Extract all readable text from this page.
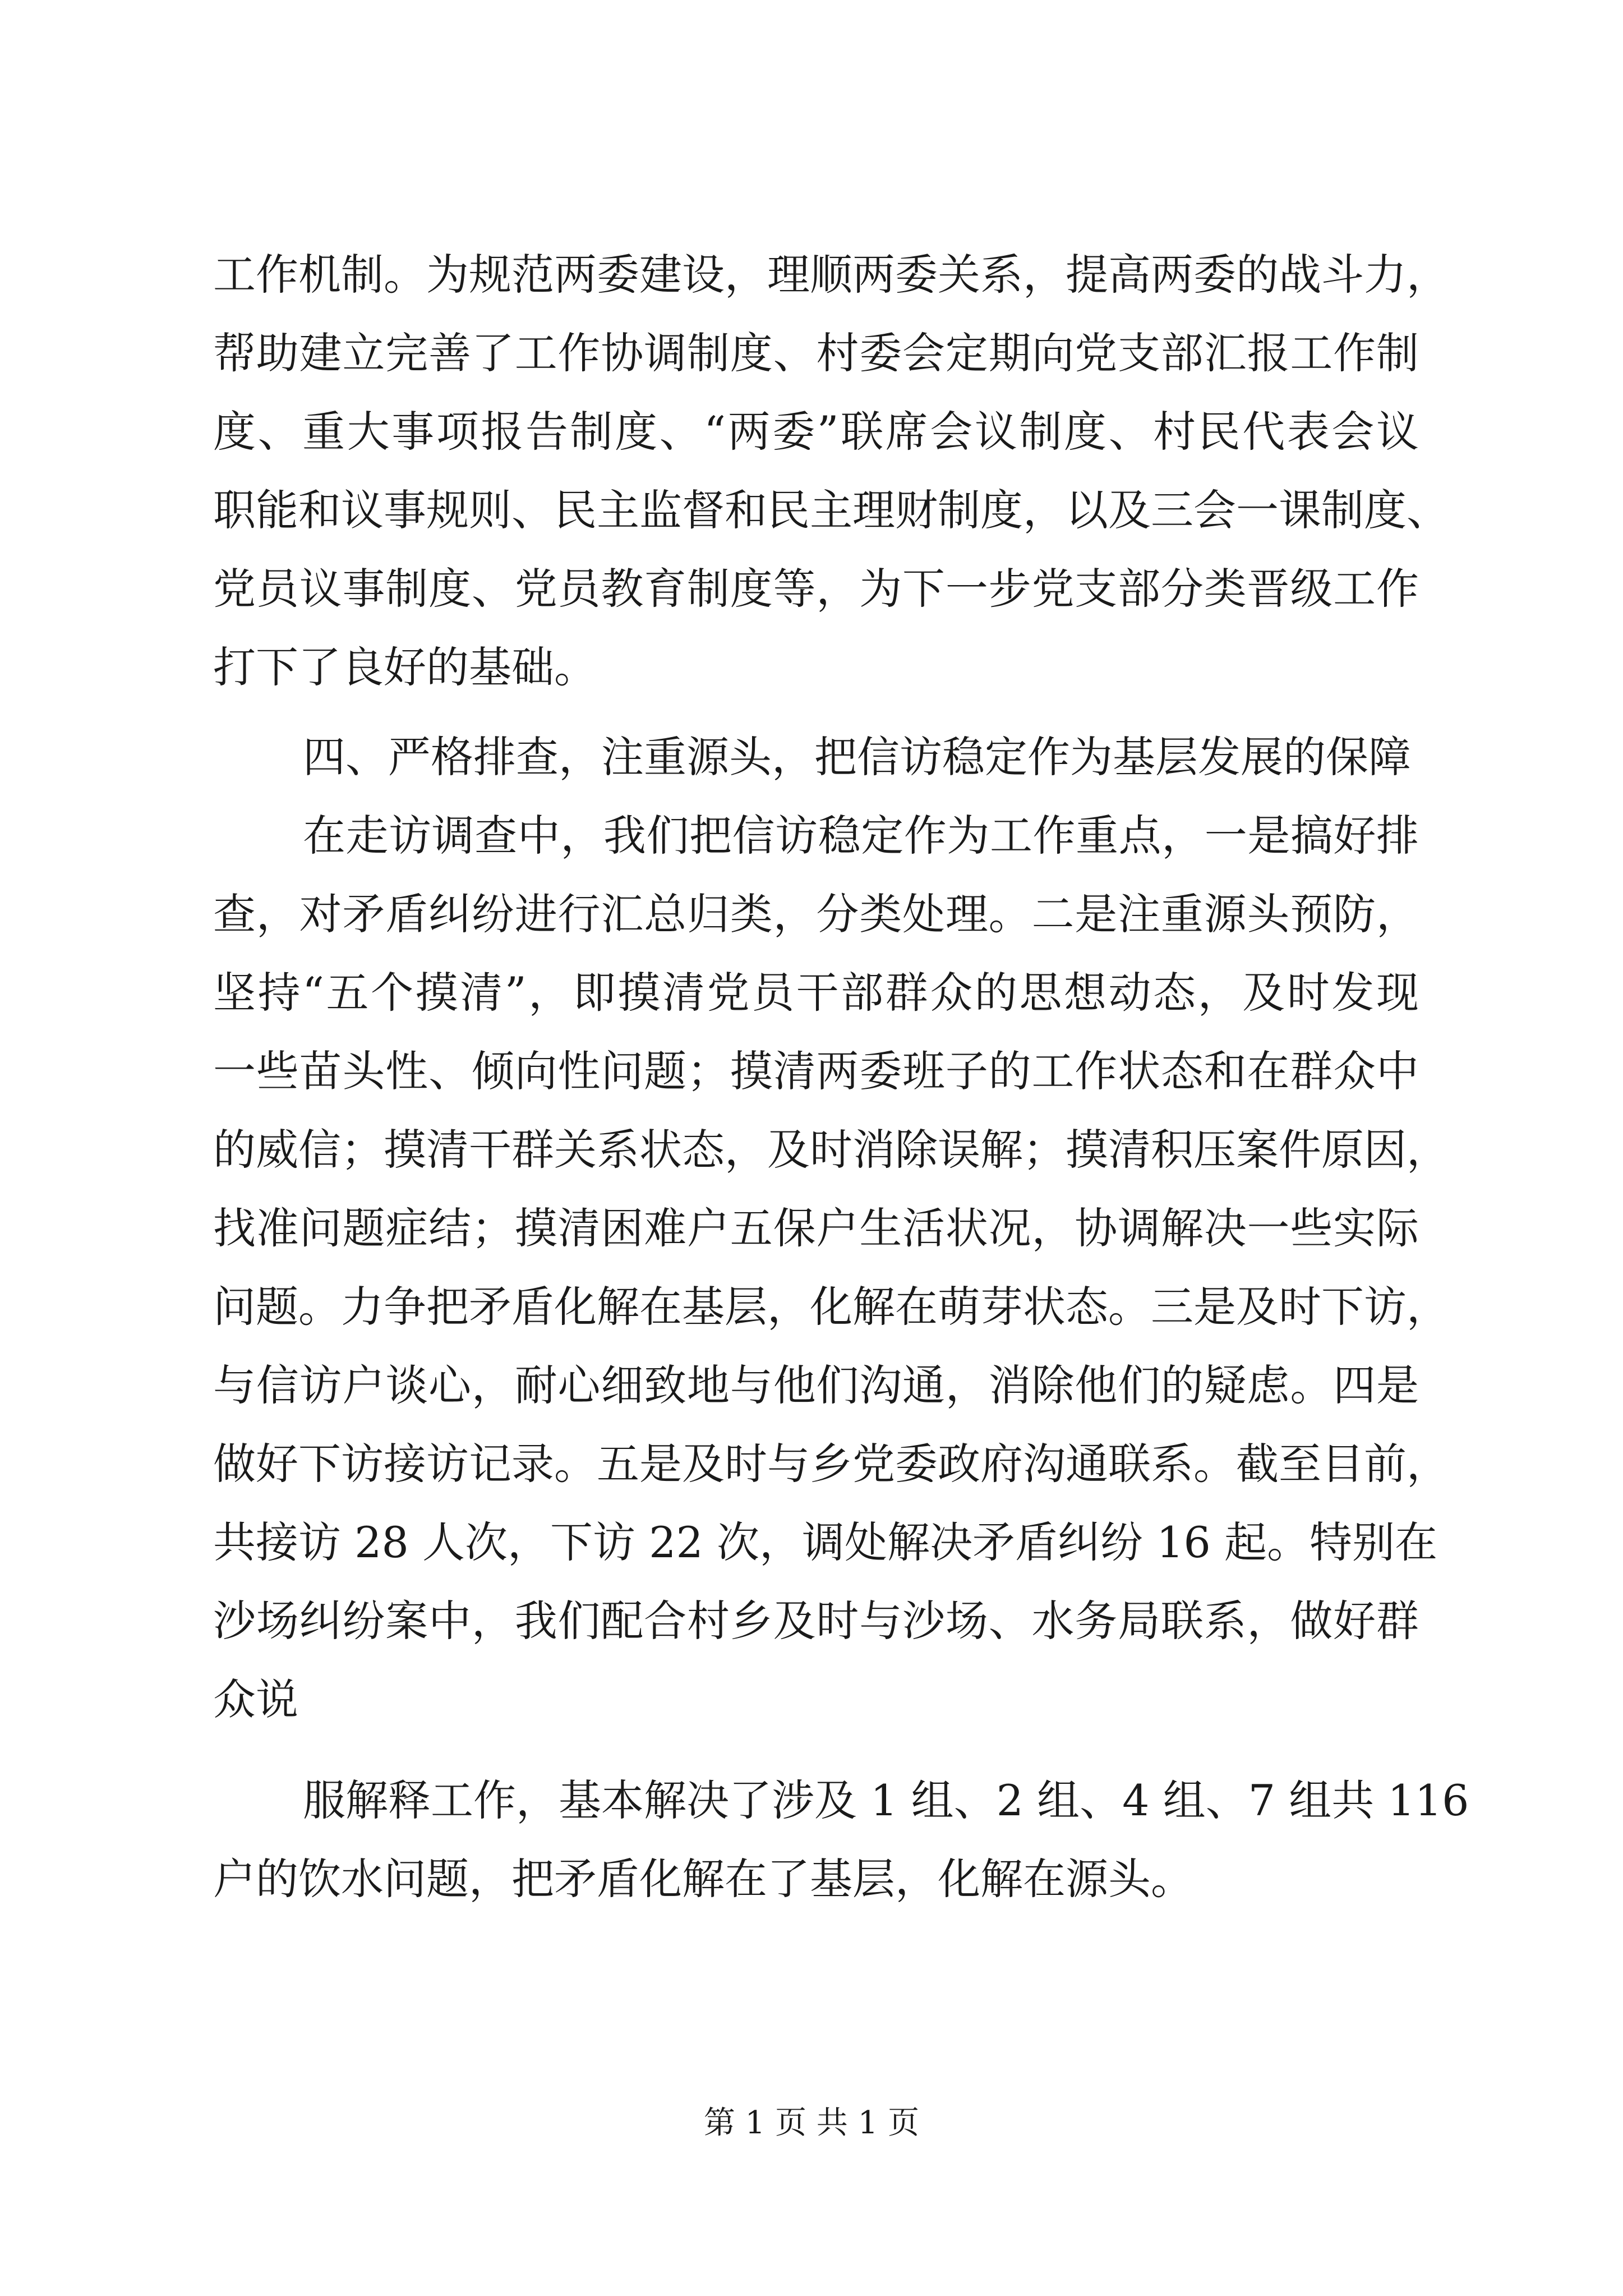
工作机制。为规范两委建设，理顺两委关系，提高两委的战斗力，
帮助建立完善了工作协调制度、村委会定期向党支部汇报工作制
度、重大事项报告制度、“两委”联席会议制度、村民代表会议
职能和议事规则、民主监督和民主理财制度，以及三会一课制度、
党员议事制度、党员教育制度等，为下一步党支部分类晋级工作
打下了良好的基础。
四、严格排查，注重源头，把信访稳定作为基层发展的保障
在走访调查中，我们把信访稳定作为工作重点，一是搞好排
查，对矛盾纠纷进行汇总归类，分类处理。二是注重源头预防，
坚持“五个摸清”，即摸清党员干部群众的思想动态，及时发现
一些苗头性、倾向性问题；摸清两委班子的工作状态和在群众中
的威信；摸清干群关系状态，及时消除误解；摸清积压案件原因，
找准问题症结；摸清困难户五保户生活状况，协调解决一些实际
问题。力争把矛盾化解在基层，化解在萌芽状态。三是及时下访，
与信访户谈心，耐心细致地与他们沟通，消除他们的疑虑。四是
做好下访接访记录。五是及时与乡党委政府沟通联系。截至目前，
共接访 28 人次，下访 22 次，调处解决矛盾纠纷 16 起。特别在
沙场纠纷案中，我们配合村乡及时与沙场、水务局联系，做好群
众说
服解释工作，基本解决了涉及 1 组、2 组、4 组、7 组共 116
户的饮水问题，把矛盾化解在了基层，化解在源头。
第 1 页 共 1 页
